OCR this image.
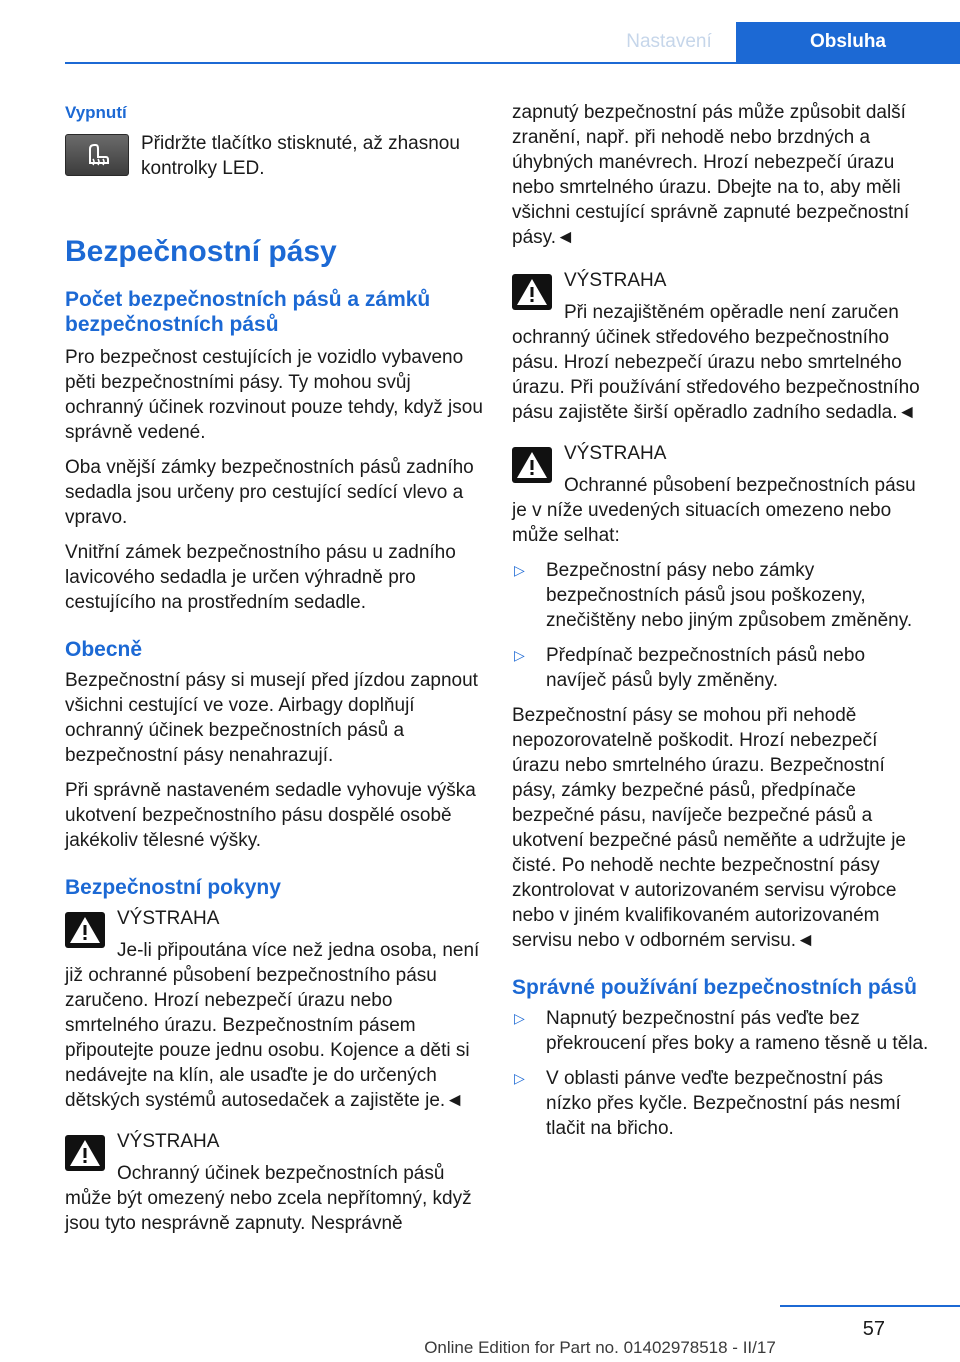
Nastavení	Obsluha

Vypnutí

Přidržte tlačítko stisknuté, až zhasnou kontrolky LED.

Bezpečnostní pásy
Počet bezpečnostních pásů a zámků bezpečnostních pásů

Pro bezpečnost cestujících je vozidlo vybaveno pěti bezpečnostními pásy. Ty mohou svůj ochranný účinek rozvinout pouze tehdy, když jsou správně vedené.

Oba vnější zámky bezpečnostních pásů zadního sedadla jsou určeny pro cestující sedící vlevo a vpravo.

Vnitřní zámek bezpečnostního pásu u zadního lavicového sedadla je určen výhradně pro cestujícího na prostředním sedadle.

Obecně

Bezpečnostní pásy si musejí před jízdou zapnout všichni cestující ve voze. Airbagy doplňují ochranný účinek bezpečnostních pásů a bezpečnostní pásy nenahrazují.

Při správně nastaveném sedadle vyhovuje výška ukotvení bezpečnostního pásu dospělé osobě jakékoliv tělesné výšky.

Bezpečnostní pokyny

VÝSTRAHA

Je-li připoutána více než jedna osoba, není již ochranné působení bezpečnostního pásu zaručeno. Hrozí nebezpečí úrazu nebo smrtelného úrazu. Bezpečnostním pásem připoutejte pouze jednu osobu. Kojence a děti si nedávejte na klín, ale usaďte je do určených dětských systémů autosedaček a zajistěte je.◄

VÝSTRAHA

Ochranný účinek bezpečnostních pásů může být omezený nebo zcela nepřítomný, když jsou tyto nesprávně zapnuty. Nesprávně

zapnutý bezpečnostní pás může způsobit další zranění, např. při nehodě nebo brzdných a úhybných manévrech. Hrozí nebezpečí úrazu nebo smrtelného úrazu. Dbejte na to, aby měli všichni cestující správně zapnuté bezpečnostní pásy.◄

VÝSTRAHA

Při nezajištěném opěradle není zaručen ochranný účinek středového bezpečnostního pásu. Hrozí nebezpečí úrazu nebo smrtelného úrazu. Při používání středového bezpečnostního pásu zajistěte širší opěradlo zadního sedadla.◄

VÝSTRAHA

Ochranné působení bezpečnostních pásu je v níže uvedených situacích omezeno nebo může selhat:

▷ Bezpečnostní pásy nebo zámky bezpečnostních pásů jsou poškozeny, znečištěny nebo jiným způsobem změněny.
▷ Předpínač bezpečnostních pásů nebo navíječ pásů byly změněny.

Bezpečnostní pásy se mohou při nehodě nepozorovatelně poškodit. Hrozí nebezpečí úrazu nebo smrtelného úrazu. Bezpečnostní pásy, zámky bezpečné pásů, předpínače bezpečné pásu, navíječe bezpečné pásů a ukotvení bezpečné pásů neměňte a udržujte je čisté. Po nehodě nechte bezpečnostní pásy zkontrolovat v autorizovaném servisu výrobce nebo v jiném kvalifikovaném autorizovaném servisu nebo v odborném servisu.◄

Správné používání bezpečnostních pásů
▷ Napnutý bezpečnostní pás veďte bez překroucení přes boky a rameno těsně u těla.
▷ V oblasti pánve veďte bezpečnostní pás nízko přes kyčle. Bezpečnostní pás nesmí tlačit na břicho.
57
Online Edition for Part no. 01402978518 - II/17
